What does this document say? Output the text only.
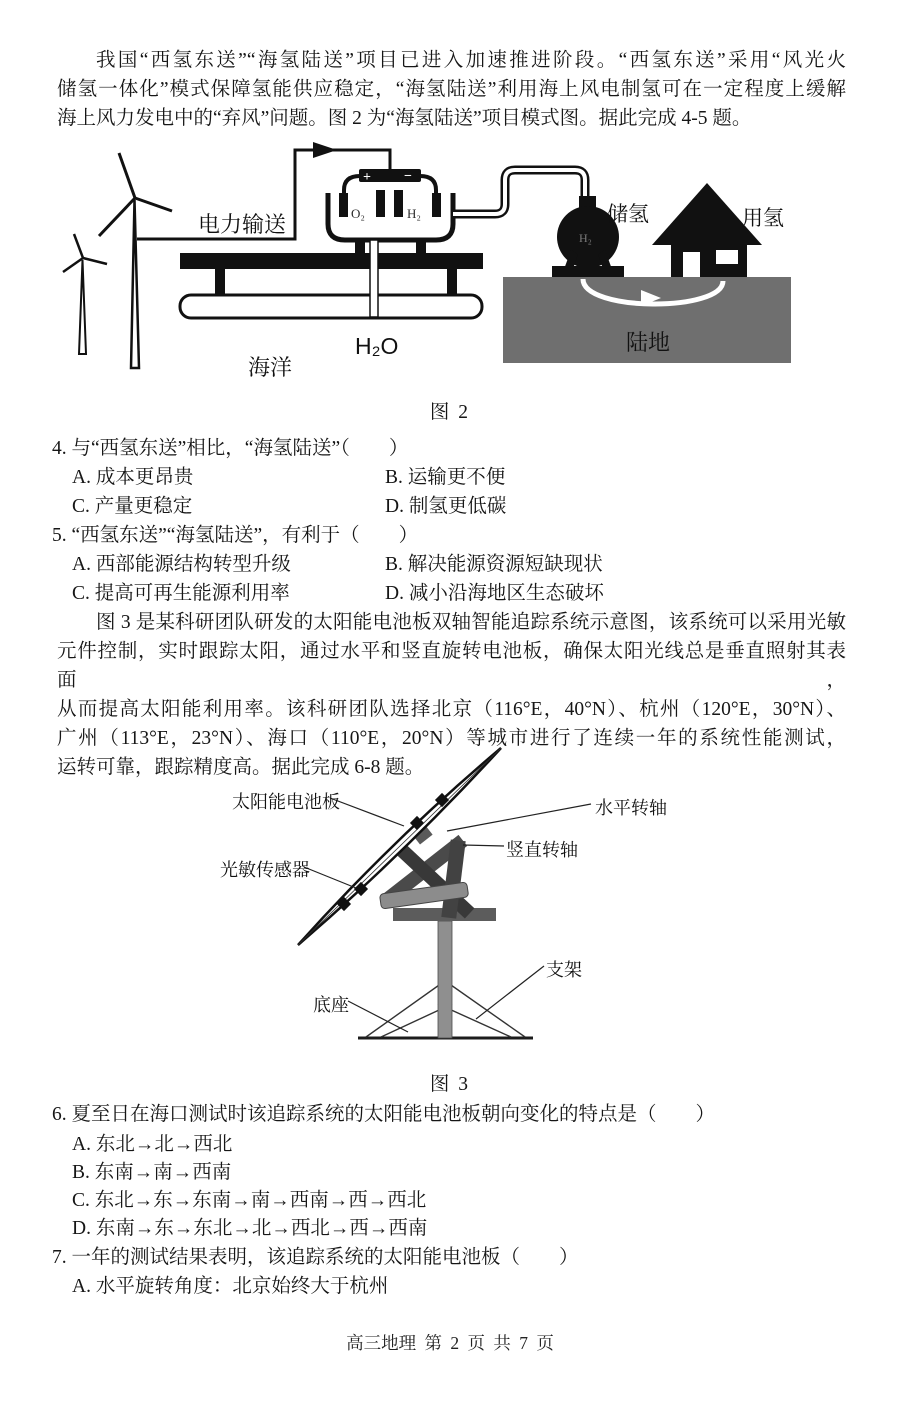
我国“西氢东送”“海氢陆送”项目已进入加速推进阶段。“西氢东送”采用“风光火
储氢一体化”模式保障氢能供应稳定，“海氢陆送”利用海上风电制氢可在一定程度上缓解
海上风力发电中的“弃风”问题。图 2 为“海氢陆送”项目模式图。据此完成 4-5 题。
+ −
O₂	H₂
H₂
电力输送
海洋
H₂O
储氢	用氢
陆地
图 2
4. 与“西氢东送”相比，“海氢陆送”（　　）
A. 成本更昂贵	B. 运输更不便
C. 产量更稳定	D. 制氢更低碳
5. “西氢东送”“海氢陆送”，有利于（　　）
A. 西部能源结构转型升级	B. 解决能源资源短缺现状
C. 提高可再生能源利用率	D. 减小沿海地区生态破坏
图 3 是某科研团队研发的太阳能电池板双轴智能追踪系统示意图，该系统可以采用光敏
元件控制，实时跟踪太阳，通过水平和竖直旋转电池板，确保太阳光线总是垂直照射其表面，
从而提高太阳能利用率。该科研团队选择北京（116°E，40°N）、杭州（120°E，30°N）、
广州（113°E，23°N）、海口（110°E，20°N）等城市进行了连续一年的系统性能测试，
运转可靠，跟踪精度高。据此完成 6-8 题。
太阳能电池板	水平转轴
竖直转轴
光敏传感器
支架
底座
图 3
6. 夏至日在海口测试时该追踪系统的太阳能电池板朝向变化的特点是（　　）
A. 东北→北→西北
B. 东南→南→西南
C. 东北→东→东南→南→西南→西→西北
D. 东南→东→东北→北→西北→西→西南
7. 一年的测试结果表明，该追踪系统的太阳能电池板（　　）
A. 水平旋转角度：北京始终大于杭州
高三地理 第 2 页 共 7 页
